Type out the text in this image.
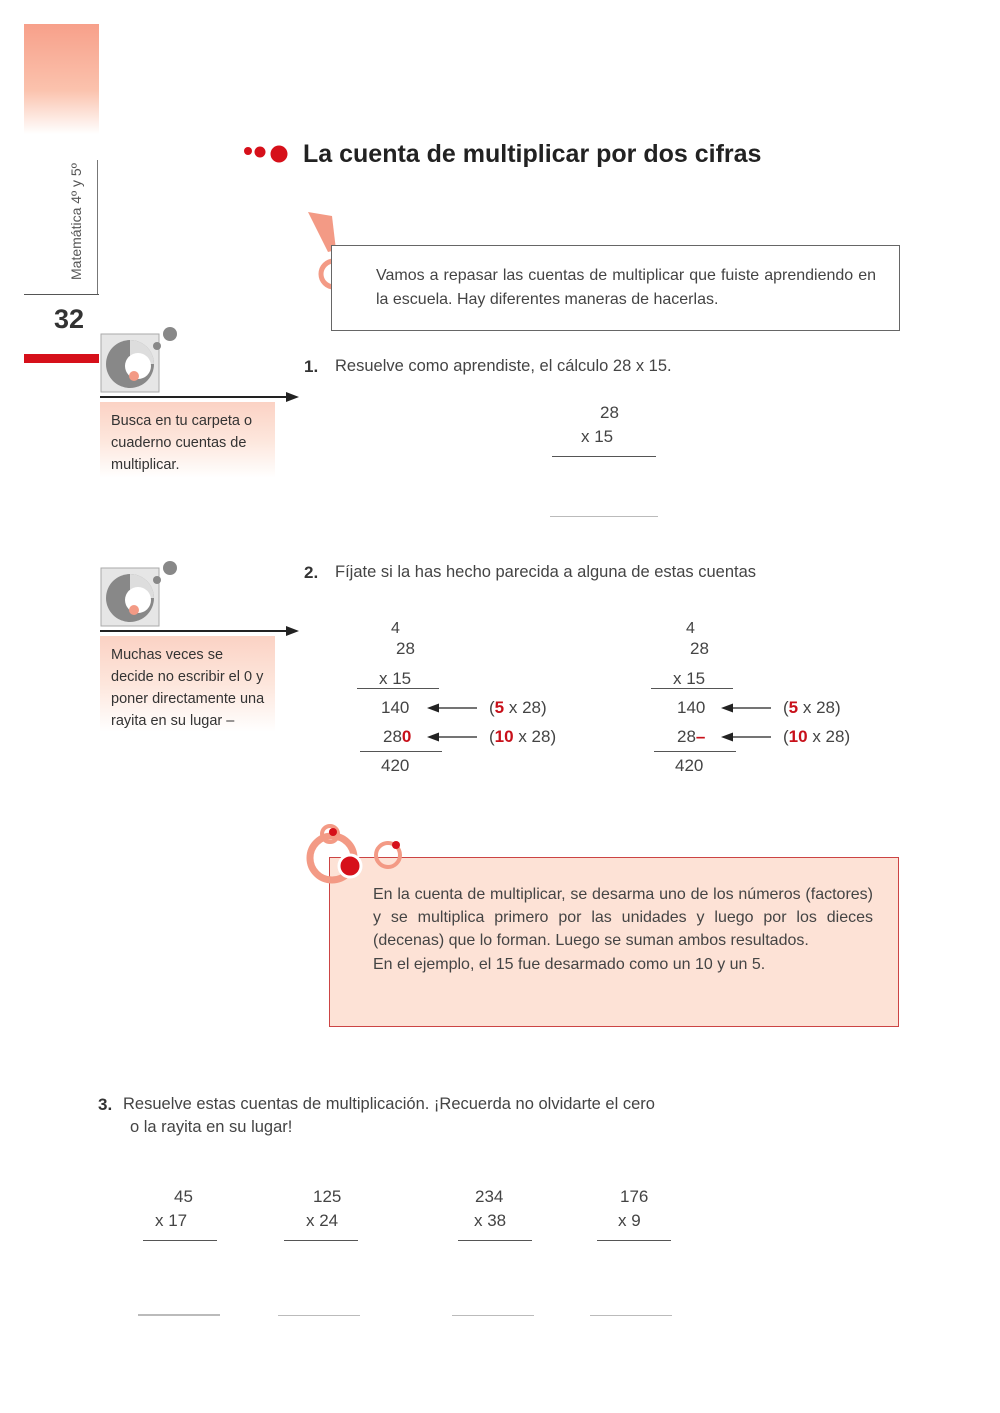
Matemática 4º y 5º
32
La cuenta de multiplicar por dos cifras
Vamos a repasar las cuentas de multiplicar que fuiste aprendiendo en la escuela. Hay diferentes maneras de hacerlas.
Busca en tu carpeta o cuaderno cuentas de multiplicar.
1. Resuelve como aprendiste, el cálculo 28 x 15.
28
x 15
Muchas veces se decide no escribir el 0 y poner directamente una rayita en su lugar –
2. Fíjate si la has hecho parecida a alguna de estas cuentas
4
28
x 15
140
280
420
(5 x 28)
(10 x 28)
4
28
x 15
140
28–
420
(5 x 28)
(10 x 28)
En la cuenta de multiplicar, se desarma uno de los números (factores) y se multiplica primero por las unidades y luego por los dieces (decenas) que lo forman. Luego se suman ambos resultados.
En el ejemplo, el 15 fue desarmado como un 10 y un 5.
3. Resuelve estas cuentas de multiplicación. ¡Recuerda no olvidarte el cero
o la rayita en su lugar!
45
x 17
125
x 24
234
x 38
176
x 9
